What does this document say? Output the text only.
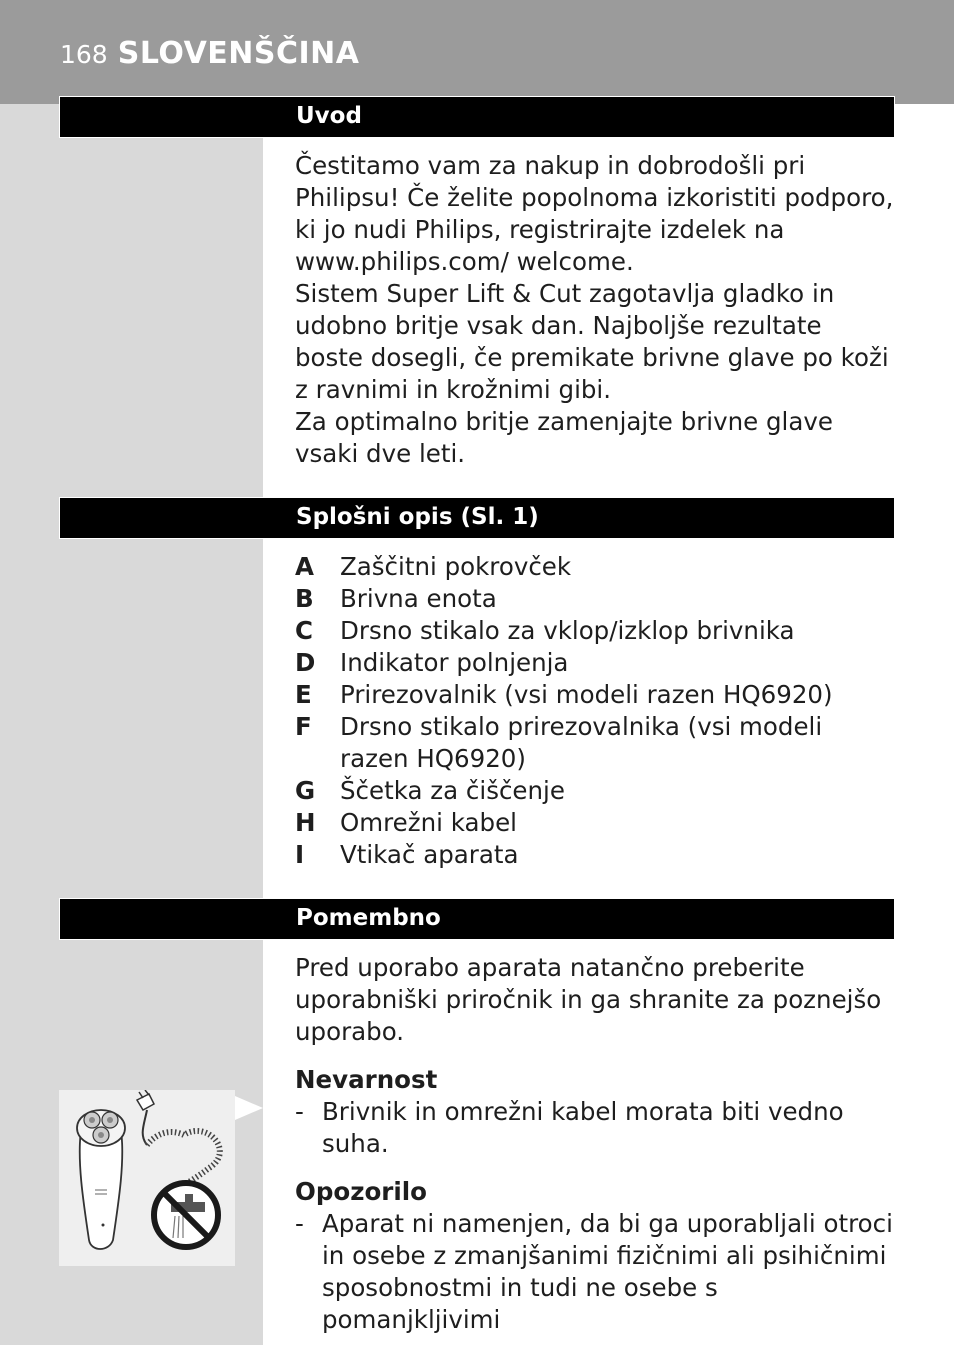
168 SLOVENŠČINA
Uvod

Čestitamo vam za nakup in dobrodošli pri Philipsu! Če želite popolnoma izkoristiti podporo, ki jo nudi Philips, registrirajte izdelek na www.philips.com/ welcome.

Sistem Super Lift & Cut zagotavlja gladko in udobno britje vsak dan. Najboljše rezultate boste dosegli, če premikate brivne glave po koži z ravnimi in krožnimi gibi.

Za optimalno britje zamenjajte brivne glave vsaki dve leti.

Splošni opis (Sl. 1)
A	Zaščitni pokrovček
B	Brivna enota
C	Drsno stikalo za vklop/izklop brivnika
D	Indikator polnjenja
E	Prirezovalnik (vsi modeli razen HQ6920)
F	Drsno stikalo prirezovalnika (vsi modeli razen HQ6920)
G	Ščetka za čiščenje
H Omrežni kabel
I	Vtikač aparata
Pomembno

Pred uporabo aparata natančno preberite uporabniški priročnik in ga shranite za poznejšo uporabo.

Nevarnost
- Brivnik in omrežni kabel morata biti vedno suha.
Opozorilo
- Aparat ni namenjen, da bi ga uporabljali otroci in osebe z zmanjšanimi fizičnimi ali psihičnimi sposobnostmi in tudi ne osebe s pomanjkljivimi
